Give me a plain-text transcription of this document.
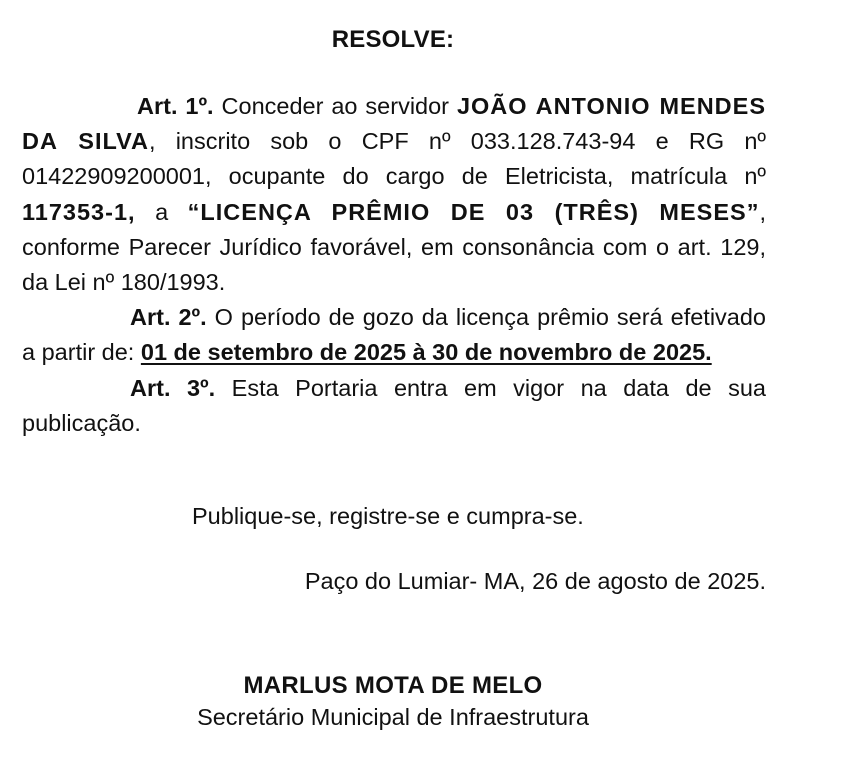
RESOLVE:

Art. 1º. Conceder ao servidor JOÃO ANTONIO MENDES DA SILVA, inscrito sob o CPF nº 033.128.743-94 e RG nº 01422909200001, ocupante do cargo de Eletricista, matrícula nº 117353-1, a “LICENÇA PRÊMIO DE 03 (TRÊS) MESES”, conforme Parecer Jurídico favorável, em consonância com o art. 129, da Lei nº 180/1993.

Art. 2º. O período de gozo da licença prêmio será efetivado a partir de: 01 de setembro de 2025 à 30 de novembro de 2025.

Art. 3º. Esta Portaria entra em vigor na data de sua publicação.

Publique-se, registre-se e cumpra-se.

Paço do Lumiar- MA, 26 de agosto de 2025.

MARLUS MOTA DE MELO

Secretário Municipal de Infraestrutura
